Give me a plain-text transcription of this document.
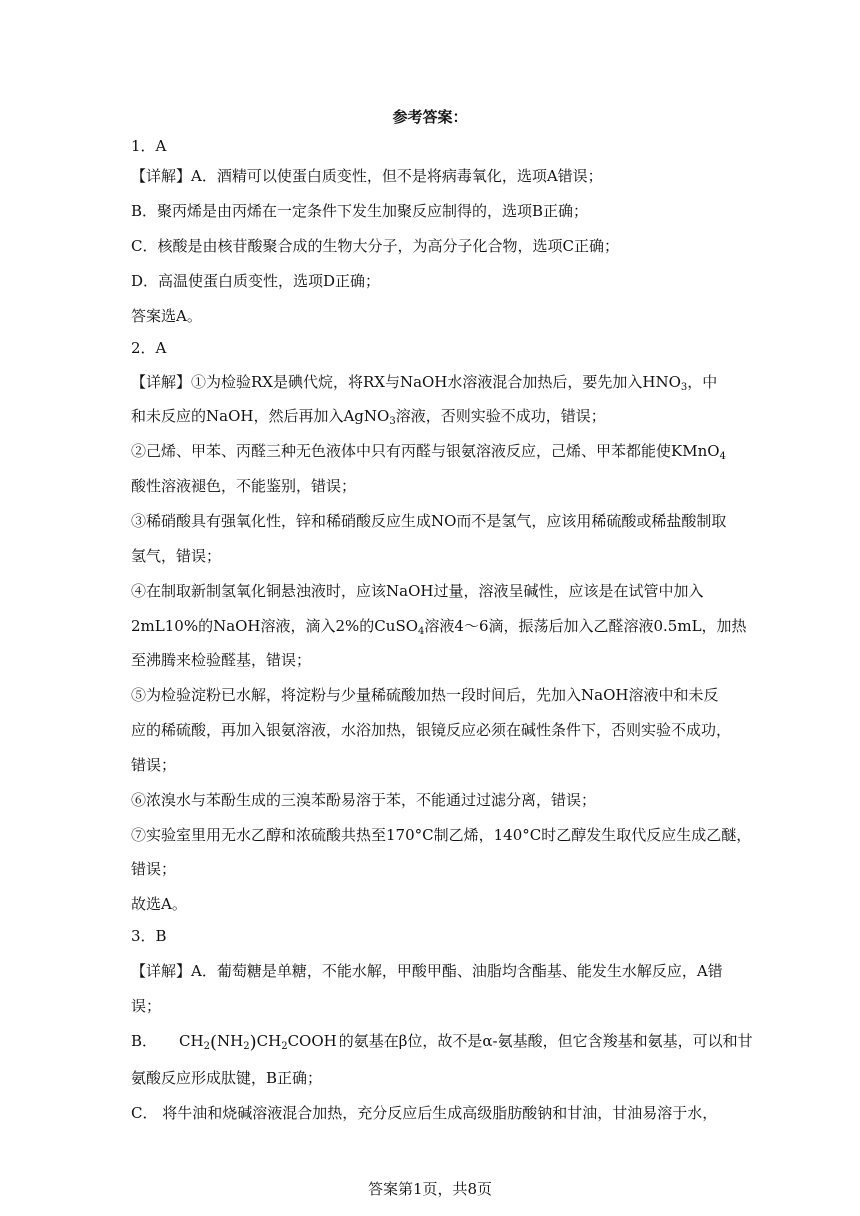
参考答案：
1．A
【详解】A．酒精可以使蛋白质变性，但不是将病毒氧化，选项A错误；
B．聚丙烯是由丙烯在一定条件下发生加聚反应制得的，选项B正确；
C．核酸是由核苷酸聚合成的生物大分子，为高分子化合物，选项C正确；
D．高温使蛋白质变性，选项D正确；
答案选A。
2．A
【详解】①为检验RX是碘代烷，将RX与NaOH水溶液混合加热后，要先加入$HNO_3$，中
和未反应的NaOH，然后再加入AgNO$_3$溶液，否则实验不成功，错误；
②己烯、甲苯、丙醛三种无色液体中只有丙醛与银氨溶液反应，己烯、甲苯都能使KMnO$_4$
酸性溶液褪色，不能鉴别，错误；
③稀硝酸具有强氧化性，锌和稀硝酸反应生成NO而不是氢气，应该用稀硫酸或稀盐酸制取
氢气，错误；
④在制取新制氢氧化铜悬浊液时，应该NaOH过量，溶液呈碱性，应该是在试管中加入
2mL10%的NaOH溶液，滴入2%的CuSO$_4$溶液4～6滴，振荡后加入乙醛溶液0.5mL，加热
至沸腾来检验醛基，错误；
⑤为检验淀粉已水解，将淀粉与少量稀硫酸加热一段时间后，先加入NaOH溶液中和未反
应的稀硫酸，再加入银氨溶液，水浴加热，银镜反应必须在碱性条件下，否则实验不成功，
错误；
⑥浓溴水与苯酚生成的三溴苯酚易溶于苯，不能通过过滤分离，错误；
⑦实验室里用无水乙醇和浓硫酸共热至170°C制乙烯，140°C时乙醇发生取代反应生成乙醚，
错误；
故选A。
3．B
【详解】A．葡萄糖是单糖，不能水解，甲酸甲酯、油脂均含酯基、能发生水解反应，A错
误；
B． $CH_2(NH_2)CH_2COOH$ 的氨基在β位，故不是α-氨基酸，但它含羧基和氨基，可以和甘
氨酸反应形成肽键，B正确；
C． 将牛油和烧碱溶液混合加热，充分反应后生成高级脂肪酸钠和甘油，甘油易溶于水，
答案第1页，共8页
